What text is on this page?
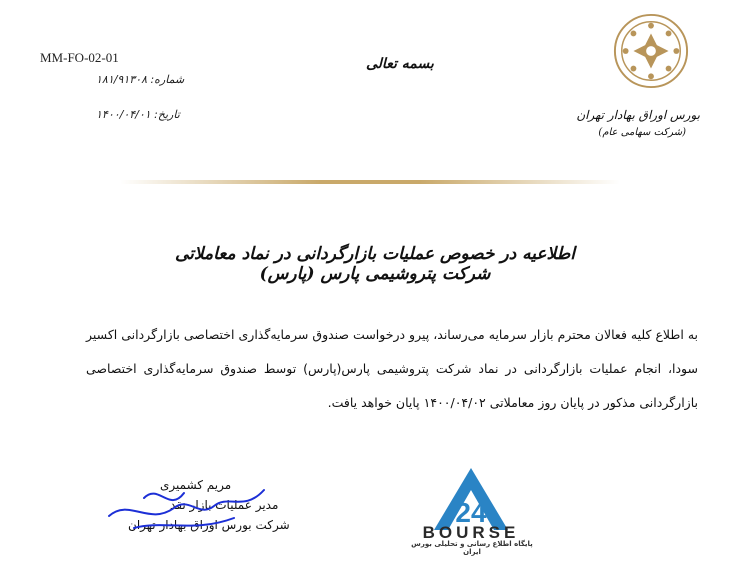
MM-FO-02-01
شماره: ۱۸۱/۹۱۳۰۸
تاریخ: ۱۴۰۰/۰۴/۰۱
بسمه تعالی
بورس اوراق بهادار تهران
(شرکت سهامی عام)
اطلاعیه در خصوص عملیات بازارگردانی در نماد معاملاتی شرکت پتروشیمی پارس (پارس)
به اطلاع کلیه فعالان محترم بازار سرمایه می‌رساند، پیرو درخواست صندوق سرمایه‌گذاری اختصاصی بازارگردانی اکسیر سودا، انجام عملیات بازارگردانی در نماد شرکت پتروشیمی پارس(پارس) توسط صندوق سرمایه‌گذاری اختصاصی بازارگردانی مذکور در پایان روز معاملاتی ۱۴۰۰/۰۴/۰۲ پایان خواهد یافت.
مریم کشمیری
مدیر عملیات بازار نقد
شرکت بورس اوراق بهادار تهران	24
BOURSE
پایگاه اطلاع رسانی و تحلیلی بورس ایران
